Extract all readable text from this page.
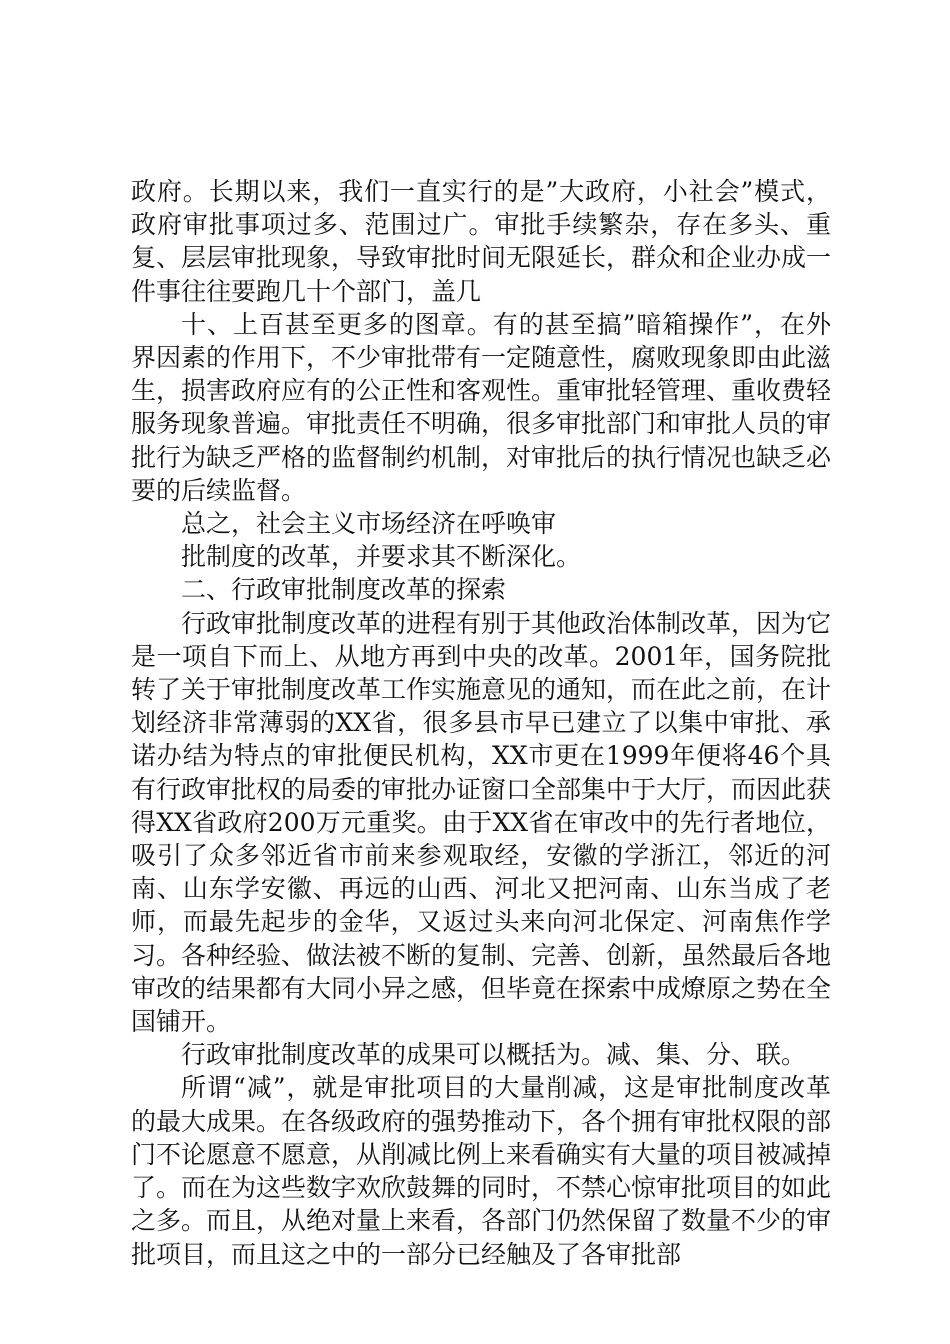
政府。长期以来，我们一直实行的是”大政府，小社会”模式，政府审批事项过多、范围过广。审批手续繁杂，存在多头、重复、层层审批现象，导致审批时间无限延长，群众和企业办成一件事往往要跑几十个部门，盖几

十、上百甚至更多的图章。有的甚至搞”暗箱操作”，在外界因素的作用下，不少审批带有一定随意性，腐败现象即由此滋生，损害政府应有的公正性和客观性。重审批轻管理、重收费轻服务现象普遍。审批责任不明确，很多审批部门和审批人员的审批行为缺乏严格的监督制约机制，对审批后的执行情况也缺乏必要的后续监督。

总之，社会主义市场经济在呼唤审

批制度的改革，并要求其不断深化。

二、行政审批制度改革的探索

行政审批制度改革的进程有别于其他政治体制改革，因为它是一项自下而上、从地方再到中央的改革。2001年，国务院批转了关于审批制度改革工作实施意见的通知，而在此之前，在计划经济非常薄弱的XX省，很多县市早已建立了以集中审批、承诺办结为特点的审批便民机构，XX市更在1999年便将46个具有行政审批权的局委的审批办证窗口全部集中于大厅，而因此获得XX省政府200万元重奖。由于XX省在审改中的先行者地位，吸引了众多邻近省市前来参观取经，安徽的学浙江，邻近的河南、山东学安徽、再远的山西、河北又把河南、山东当成了老师，而最先起步的金华，又返过头来向河北保定、河南焦作学习。各种经验、做法被不断的复制、完善、创新，虽然最后各地审改的结果都有大同小异之感，但毕竟在探索中成燎原之势在全国铺开。

行政审批制度改革的成果可以概括为。减、集、分、联。

所谓“减”，就是审批项目的大量削减，这是审批制度改革的最大成果。在各级政府的强势推动下，各个拥有审批权限的部门不论愿意不愿意，从削减比例上来看确实有大量的项目被减掉了。而在为这些数字欢欣鼓舞的同时，不禁心惊审批项目的如此之多。而且，从绝对量上来看，各部门仍然保留了数量不少的审批项目，而且这之中的一部分已经触及了各审批部
